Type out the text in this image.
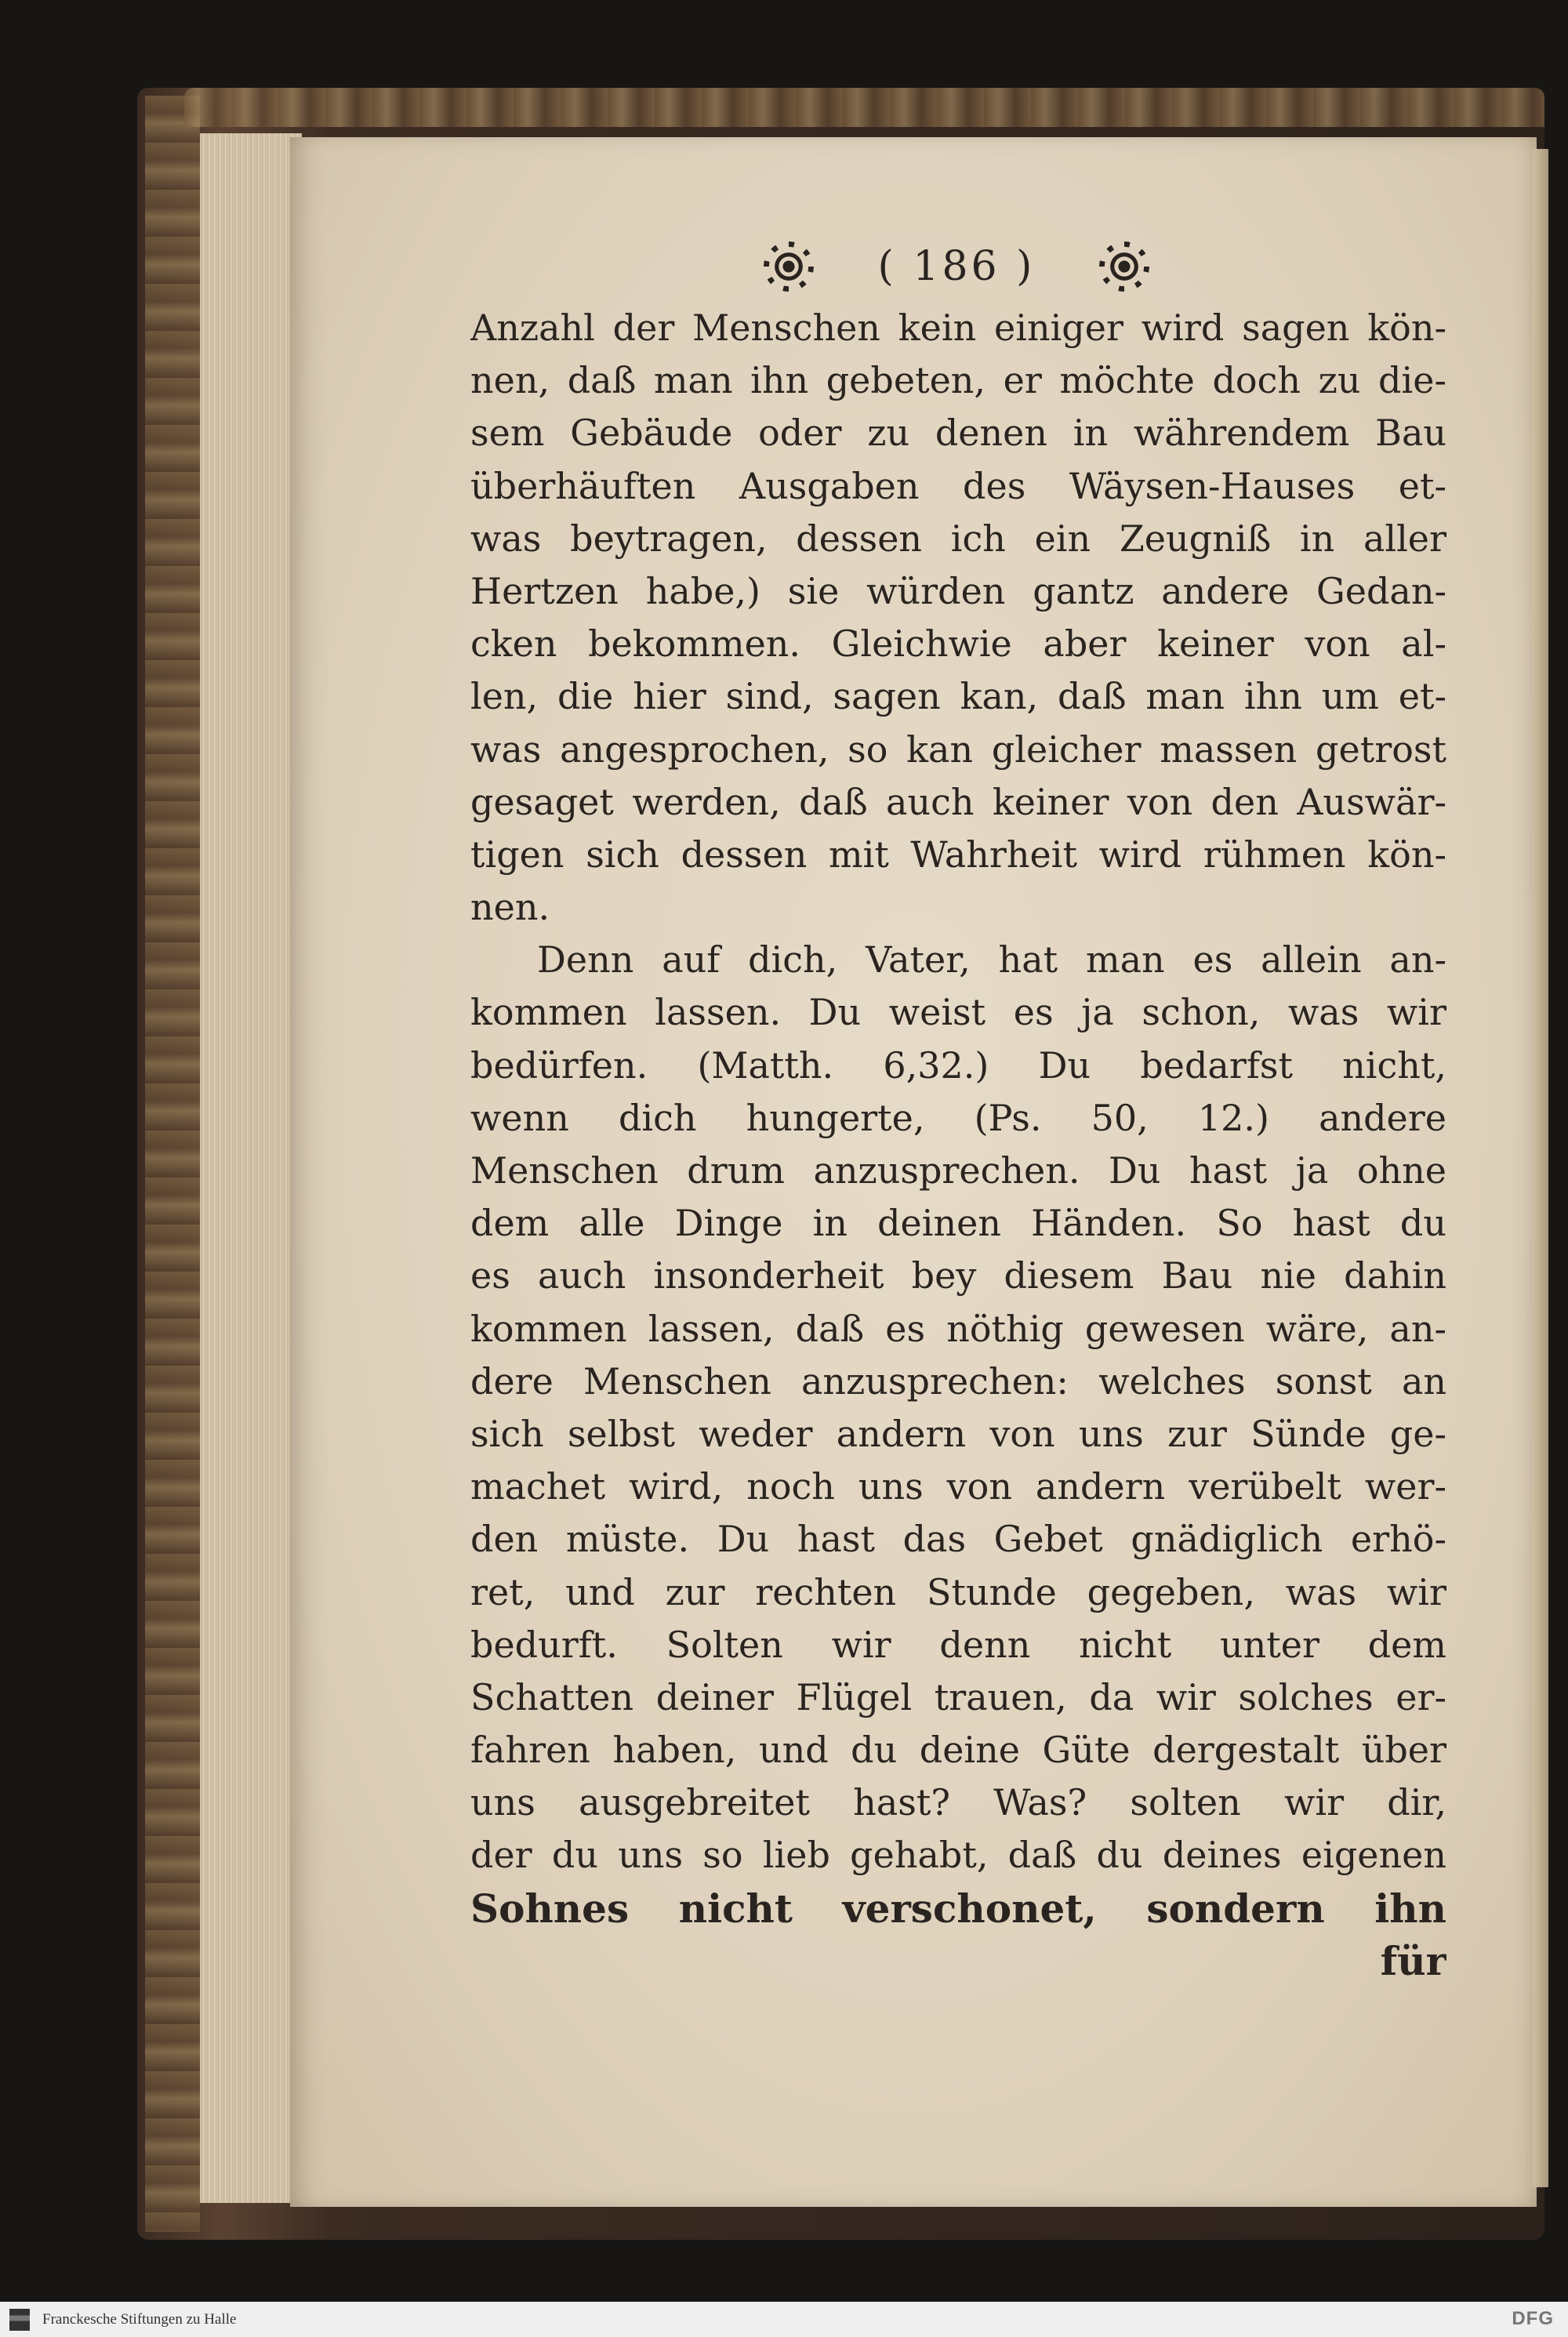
( 186 )
Anzahl der Menschen kein einiger wird sagen kön-
nen, daß man ihn gebeten, er möchte doch zu die-
sem Gebäude oder zu denen in währendem Bau
überhäuften Ausgaben des Wäysen-Hauses et-
was beytragen, dessen ich ein Zeugniß in aller
Hertzen habe,) sie würden gantz andere Gedan-
cken bekommen. Gleichwie aber keiner von al-
len, die hier sind, sagen kan, daß man ihn um et-
was angesprochen, so kan gleicher massen getrost
gesaget werden, daß auch keiner von den Auswär-
tigen sich dessen mit Wahrheit wird rühmen kön-
nen.
Denn auf dich, Vater, hat man es allein an-
kommen lassen. Du weist es ja schon, was wir
bedürfen. (Matth. 6,32.) Du bedarfst nicht,
wenn dich hungerte, (Ps. 50, 12.) andere
Menschen drum anzusprechen. Du hast ja ohne
dem alle Dinge in deinen Händen. So hast du
es auch insonderheit bey diesem Bau nie dahin
kommen lassen, daß es nöthig gewesen wäre, an-
dere Menschen anzusprechen: welches sonst an
sich selbst weder andern von uns zur Sünde ge-
machet wird, noch uns von andern verübelt wer-
den müste. Du hast das Gebet gnädiglich erhö-
ret, und zur rechten Stunde gegeben, was wir
bedurft. Solten wir denn nicht unter dem
Schatten deiner Flügel trauen, da wir solches er-
fahren haben, und du deine Güte dergestalt über
uns ausgebreitet hast? Was? solten wir dir,
der du uns so lieb gehabt, daß du deines eigenen
Sohnes nicht verschonet, sondern ihn
für
Franckesche Stiftungen zu Halle	DFG
